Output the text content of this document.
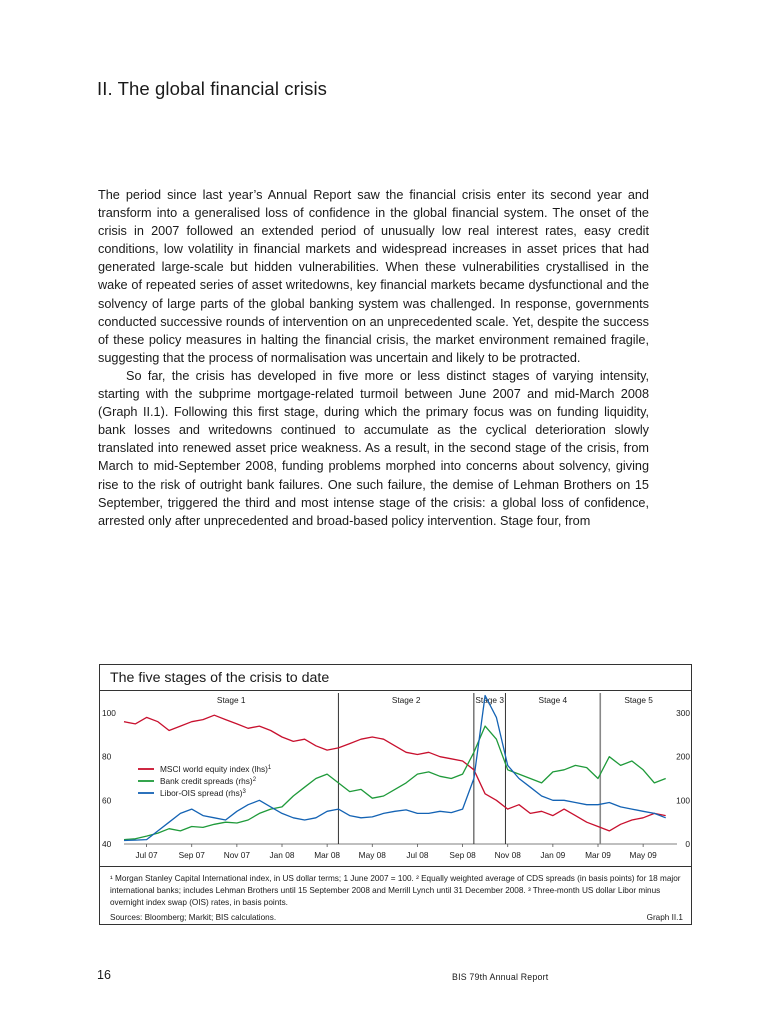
II. The global financial crisis

The period since last year’s Annual Report saw the financial crisis enter its second year and transform into a generalised loss of confidence in the global financial system. The onset of the crisis in 2007 followed an extended period of unusually low real interest rates, easy credit conditions, low volatility in financial markets and widespread increases in asset prices that had generated large-scale but hidden vulnerabilities. When these vulnerabilities crystallised in the wake of repeated series of asset writedowns, key financial markets became dysfunctional and the solvency of large parts of the global banking system was challenged. In response, governments conducted successive rounds of intervention on an unprecedented scale. Yet, despite the success of these policy measures in halting the financial crisis, the market environment remained fragile, suggesting that the process of normalisation was uncertain and likely to be protracted.

So far, the crisis has developed in five more or less distinct stages of varying intensity, starting with the subprime mortgage-related turmoil between June 2007 and mid-March 2008 (Graph II.1). Following this first stage, during which the primary focus was on funding liquidity, bank losses and writedowns continued to accumulate as the cyclical deterioration slowly translated into renewed asset price weakness. As a result, in the second stage of the crisis, from March to mid-September 2008, funding problems morphed into concerns about solvency, giving rise to the risk of outright bank failures. One such failure, the demise of Lehman Brothers on 15 September, triggered the third and most intense stage of the crisis: a global loss of confidence, arrested only after unprecedented and broad-based policy intervention. Stage four, from

The five stages of the crisis to date
Jul 07	Sep 07 Nov 07 Jan 08 Mar 08 May 08 Jul 08	Sep 08 Nov 08 Jan 09 Mar 09 May 09
40
60
80
100
0
100
200
300
Stage 1	Stage 2	Stage 3	Stage 4	Stage 5
MSCI world equity index (lhs)$^1$
Bank credit spreads (rhs)$^2$
Libor-OIS spread (rhs)$^3$

¹ Morgan Stanley Capital International index, in US dollar terms; 1 June 2007 = 100. ² Equally weighted average of CDS spreads (in basis points) for 18 major international banks; includes Lehman Brothers until 15 September 2008 and Merrill Lynch until 31 December 2008. ³ Three-month US dollar Libor minus overnight index swap (OIS) rates, in basis points.

Sources: Bloomberg; Markit; BIS calculations.	Graph II.1

16	BIS 79th Annual Report
